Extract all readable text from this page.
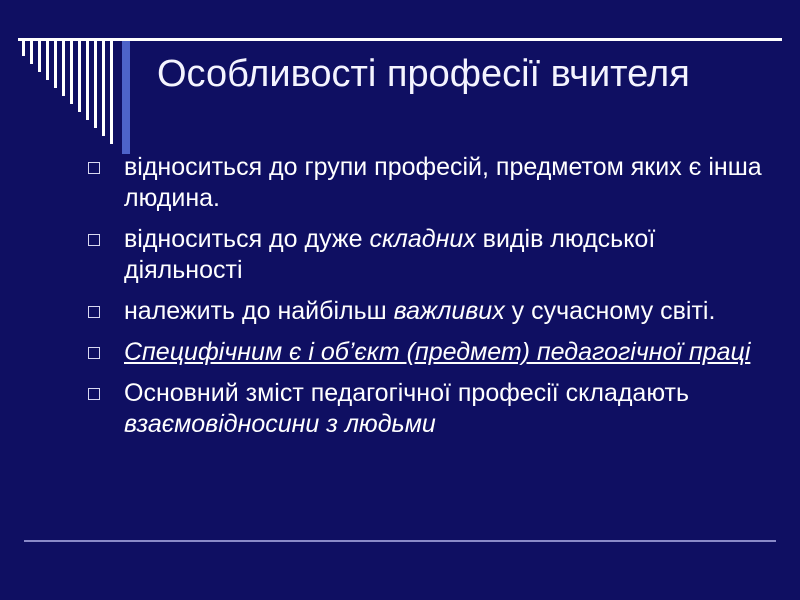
Особливості професії вчителя
відноситься до групи професій, предметом яких є інша людина.
відноситься до дуже складних видів людської діяльності
належить до найбільш важливих у сучасному світі.
Специфічним є і об’єкт (предмет) педагогічної праці
Основний зміст педагогічної професії складають взаємовідносини з людьми
